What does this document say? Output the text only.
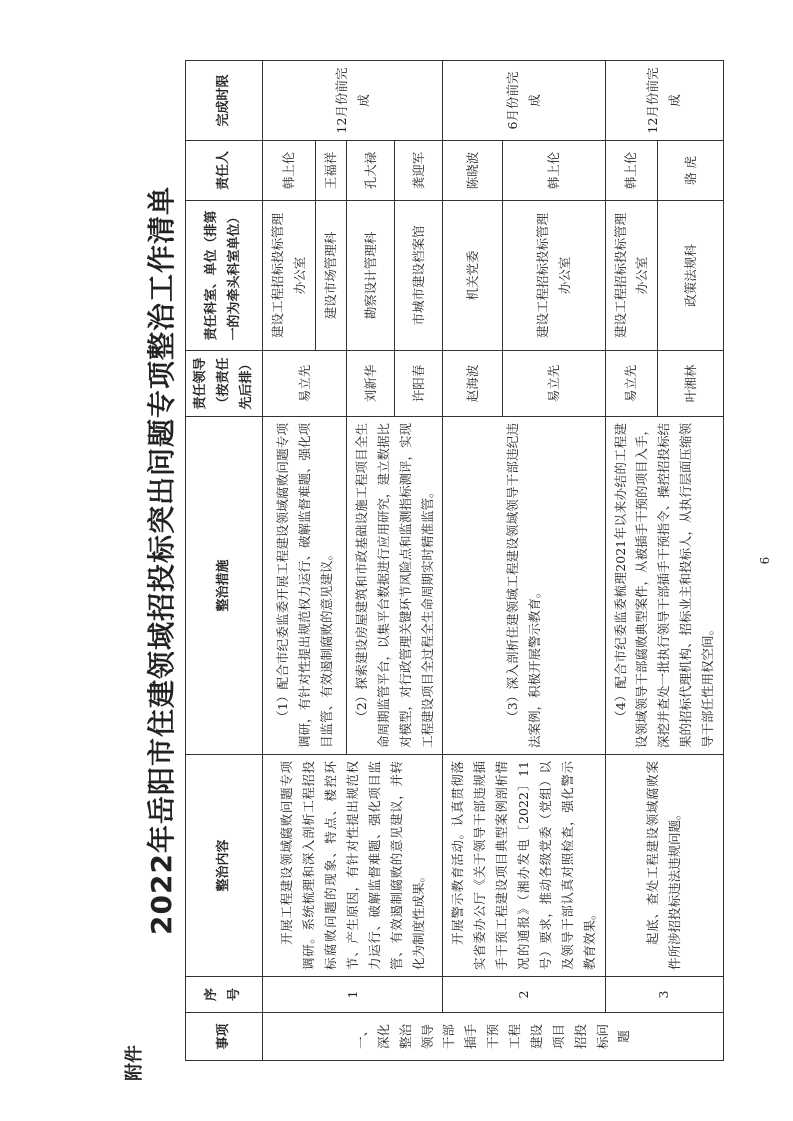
附件
2022年岳阳市住建领域招投标突出问题专项整治工作清单
事项	序号	整治内容	整治措施	责任领导（按责任先后排）	责任科室、单位（排第一的为牵头科室单位）	责任人	完成时限
一、深化整治领导干部插手干预工程建设项目招投标问题	1	开展工程建设领域腐败问题专项调研。系统梳理和深入剖析工程招投标腐败问题的现象、特点、楼控环节、产生原因，有针对性提出规范权力运行、破解监督难题、强化项目监管、有效遏制腐败的意见建议，并转化为制度性成果。	（1）配合市纪委监委开展工程建设领域腐败问题专项调研，有针对性提出规范权力运行、破解监督难题、强化项目监管、有效遏制腐败的意见建议。	易立先	建设工程招标投标管理办公室	韩上伦	12月份前完成
					建设市场管理科	王福祥	
			（2）探索建设房屋建筑和市政基础设施工程项目全生命周期监管平台，以集平台数据进行应用研究，建立数据比对模型，对行政管理关键环节风险点和监测指标测评，实现工程建设项目全过程全生命周期实时精准监管。	刘新华	勘察设计管理科	孔大禄	
				许阳春	市城市建设档案馆	龚迎军	
	2	开展警示教育活动。认真贯彻落实省委办公厅《关于领导干部违规插手干预工程建设项目典型案例剖析情况的通报》（湘办发电〔2022〕11号）要求，推动各级党委（党组）以及领导干部认真对照检查，强化警示教育效果。	（3）深入剖析住建领域工程建设领域领导干部违纪违法案例，积极开展警示教育。	赵海波	机关党委	陈晓波	6月份前完成
				易立先	建设工程招标投标管理办公室	韩上伦	
	3	起底、查处工程建设领域腐败案件所涉招投标违法违规问题。	（4）配合市纪委监委梳理2021年以来办结的工程建设领域领导干部腐败典型案件，从被插手干预的项目入手，深挖并查处一批执行领导干部插手干预指令、操控招投标结果的招标代理机构、招标业主和投标人，从执行层面压缩领导干部任性用权空间。	易立先	建设工程招标投标管理办公室	韩上伦	12月份前完成

				叶湘林	政策法规科	骆 虎	

6
